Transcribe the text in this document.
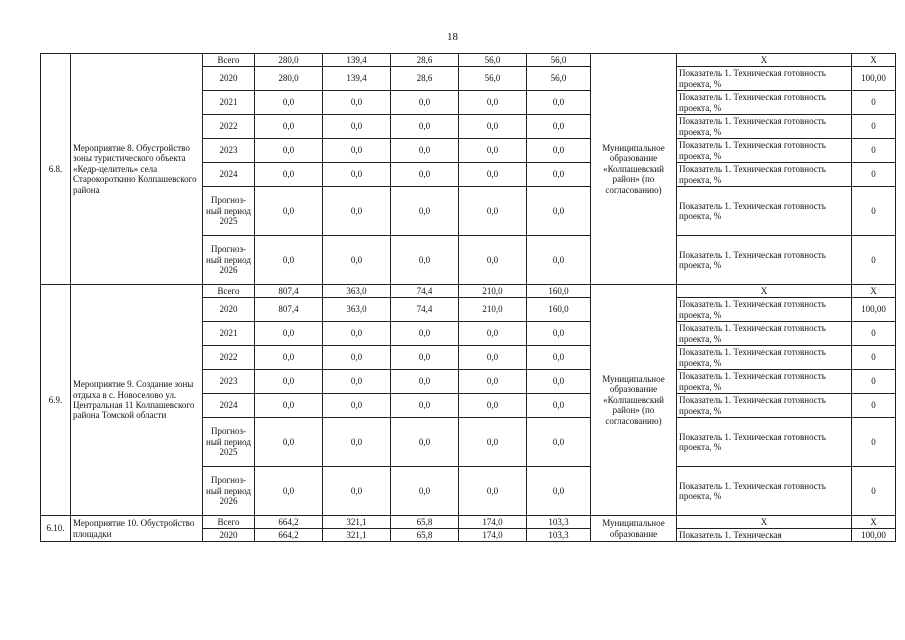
18
6.8.	Мероприятие 8. Обустройство зоны туристического объекта «Кедр-целитель» села Старокороткино Колпашевского района	Всего	280,0	139,4	28,6	56,0	56,0	Муниципальное образование «Колпашевский район» (по согласованию)	Х	Х
		2020	280,0	139,4	28,6	56,0	56,0		Показатель 1. Техническая готовность проекта, %	100,00
		2021	0,0	0,0	0,0	0,0	0,0		Показатель 1. Техническая готовность проекта, %	0
		2022	0,0	0,0	0,0	0,0	0,0		Показатель 1. Техническая готовность проекта, %	0
		2023	0,0	0,0	0,0	0,0	0,0		Показатель 1. Техническая готовность проекта, %	0
		2024	0,0	0,0	0,0	0,0	0,0		Показатель 1. Техническая готовность проекта, %	0
		Прогноз-ный период 2025	0,0	0,0	0,0	0,0	0,0		Показатель 1. Техническая готовность проекта, %	0
		Прогноз-ный период 2026	0,0	0,0	0,0	0,0	0,0		Показатель 1. Техническая готовность проекта, %	0
6.9.	Мероприятие 9. Создание зоны отдыха в с. Новоселово ул. Центральная 11 Колпашевского района Томской области	Всего	807,4	363,0	74,4	210,0	160,0	Муниципальное образование «Колпашевский район» (по согласованию)	Х	Х
		2020	807,4	363,0	74,4	210,0	160,0		Показатель 1. Техническая готовность проекта, %	100,00
		2021	0,0	0,0	0,0	0,0	0,0		Показатель 1. Техническая готовность проекта, %	0
		2022	0,0	0,0	0,0	0,0	0,0		Показатель 1. Техническая готовность проекта, %	0
		2023	0,0	0,0	0,0	0,0	0,0		Показатель 1. Техническая готовность проекта, %	0
		2024	0,0	0,0	0,0	0,0	0,0		Показатель 1. Техническая готовность проекта, %	0
		Прогноз-ный период 2025	0,0	0,0	0,0	0,0	0,0		Показатель 1. Техническая готовность проекта, %	0
		Прогноз-ный период 2026	0,0	0,0	0,0	0,0	0,0		Показатель 1. Техническая готовность проекта, %	0
6.10.	Мероприятие 10. Обустройство площадки	Всего	664,2	321,1	65,8	174,0	103,3	Муниципальное образование	Х	Х
		2020	664,2	321,1	65,8	174,0	103,3		Показатель 1. Техническая	100,00
